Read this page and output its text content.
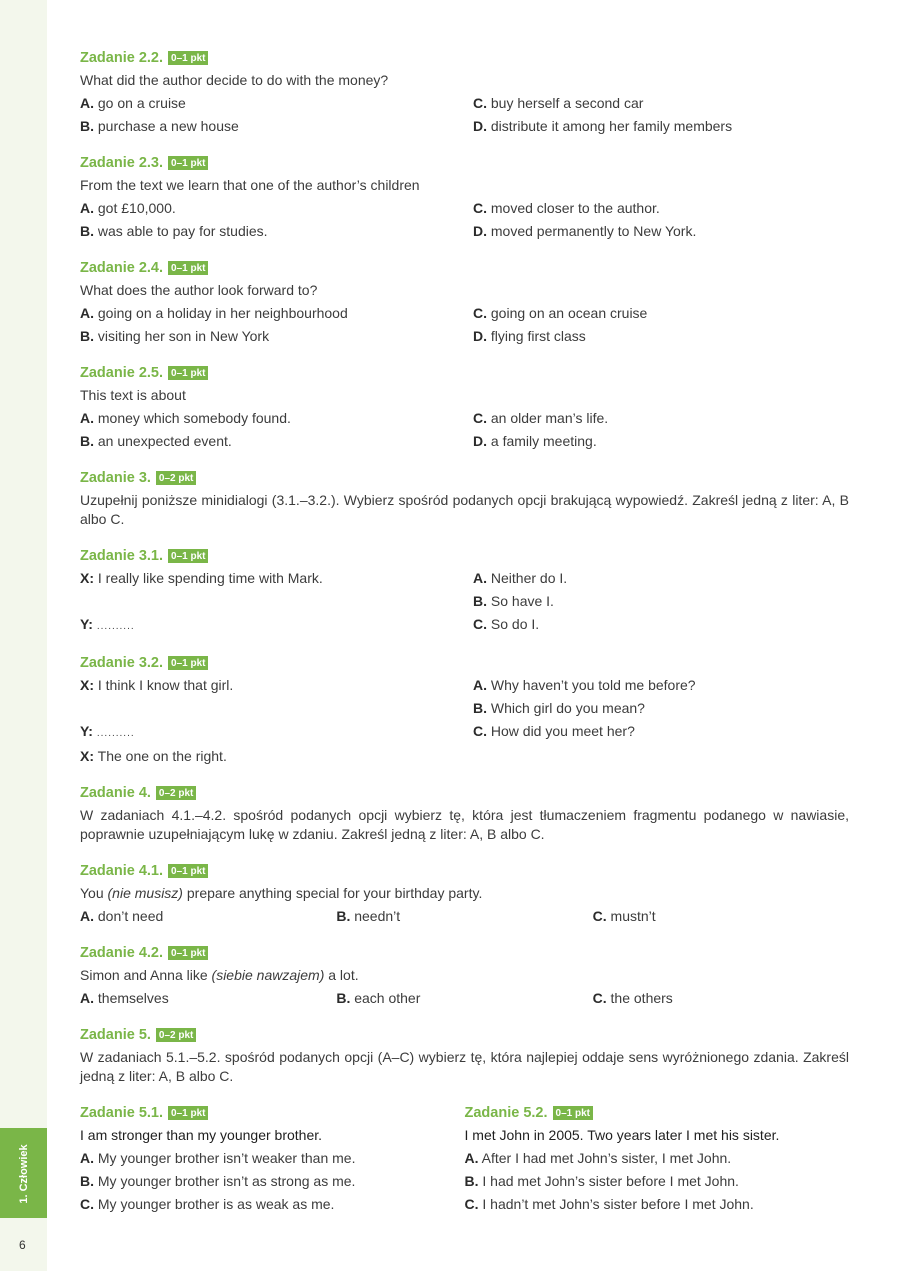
1. Człowiek
6
Zadanie 2.2. 0–1 pkt
What did the author decide to do with the money?
A. go on a cruise	C. buy herself a second car
B. purchase a new house	D. distribute it among her family members
Zadanie 2.3. 0–1 pkt
From the text we learn that one of the author’s children
A. got £10,000.	C. moved closer to the author.
B. was able to pay for studies.	D. moved permanently to New York.
Zadanie 2.4. 0–1 pkt
What does the author look forward to?
A. going on a holiday in her neighbourhood	C. going on an ocean cruise
B. visiting her son in New York	D. flying first class
Zadanie 2.5. 0–1 pkt
This text is about
A. money which somebody found.	C. an older man’s life.
B. an unexpected event.	D. a family meeting.
Zadanie 3. 0–2 pkt
Uzupełnij poniższe minidialogi (3.1.–3.2.). Wybierz spośród podanych opcji brakującą wypowiedź. Zakreśl jedną z liter: A, B albo C.
Zadanie 3.1. 0–1 pkt
X: I really like spending time with Mark.
Y: ..........
A. Neither do I.
B. So have I.
C. So do I.
Zadanie 3.2. 0–1 pkt
X: I think I know that girl.
Y: ..........
X: The one on the right.
A. Why haven’t you told me before?
B. Which girl do you mean?
C. How did you meet her?
Zadanie 4. 0–2 pkt
W zadaniach 4.1.–4.2. spośród podanych opcji wybierz tę, która jest tłumaczeniem fragmentu podanego w nawiasie, poprawnie uzupełniającym lukę w zdaniu. Zakreśl jedną z liter: A, B albo C.
Zadanie 4.1. 0–1 pkt
You (nie musisz) prepare anything special for your birthday party.
A. don’t need	B. needn’t	C. mustn’t
Zadanie 4.2. 0–1 pkt
Simon and Anna like (siebie nawzajem) a lot.
A. themselves	B. each other	C. the others
Zadanie 5. 0–2 pkt
W zadaniach 5.1.–5.2. spośród podanych opcji (A–C) wybierz tę, która najlepiej oddaje sens wyróżnionego zdania. Zakreśl jedną z liter: A, B albo C.
Zadanie 5.1. 0–1 pkt
I am stronger than my younger brother.
A. My younger brother isn’t weaker than me.
B. My younger brother isn’t as strong as me.
C. My younger brother is as weak as me.
Zadanie 5.2. 0–1 pkt
I met John in 2005. Two years later I met his sister.
A. After I had met John’s sister, I met John.
B. I had met John’s sister before I met John.
C. I hadn’t met John’s sister before I met John.
